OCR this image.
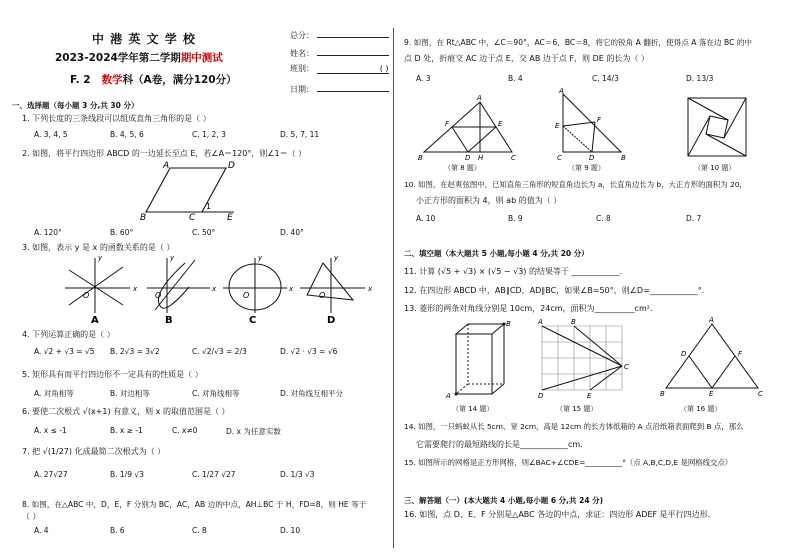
中 港 英 文 学 校
2023-2024学年第二学期期中测试
F. 2 数学科（A卷，满分120分）
总分：
姓名：
班别：	( )
日期：
一、选择题（每小题 3 分,共 30 分）
1. 下列长度的三条线段可以组成直角三角形的是（ ）
A. 3, 4, 5	B. 4, 5, 6	C. 1, 2, 3	D. 5, 7, 11
2. 如图，将平行四边形 ABCD 的一边延长至点 E，若∠A＝120°，则∠1＝（ ）
A	D
B	C	E
1
A. 120°	B. 60°	C. 50°	D. 40°
3. 如图，表示 y 是 x 的函数关系的是（ ）
O
x
y
A
O
x
y
B
O
x
y
C
O
x
y
D
4. 下列运算正确的是（ ）
A. √2 + √3 = √5 B. 2√3 = 3√2	C. √2/√3 = 2/3	D. √2 · √3 = √6
5. 矩形具有而平行四边形不一定具有的性质是（ ）
A. 对角相等	B. 对边相等	C. 对角线相等	D. 对角线互相平分
6. 要使二次根式 √(x+1) 有意义，则 x 的取值范围是（ ）
A. x ≤ -1	B. x ≥ -1	C. x≠0	D. x 为任意实数
7. 把 √(1/27) 化成最简二次根式为（ ）
A. 27√27	B. 1/9 √3	C. 1/27 √27	D. 1/3 √3
8. 如图，在△ABC 中，D，E，F 分别为 BC，AC，AB 边的中点，AH⊥BC 于 H，FD=8，则 HE 等于
（ ）
A. 4	B. 6	C. 8	D. 10
9. 如图，在 Rt△ABC 中，∠C＝90°，AC＝6，BC＝8，将它的锐角 A 翻折，使得点 A 落在边 BC 的中
点 D 处，折痕交 AC 边于点 E，交 AB 边于点 F，则 DE 的长为（ ）
A. 3	B. 4	C. 14/3	D. 13/3
A
F	E
B	D H	C
（第 8 题）
A
E
F
C	D	B
（第 9 题）	（第 10 题）
10. 如图，在赵爽弦图中，已知直角三角形的短直角边长为 a，长直角边长为 b，大正方形的面积为 20，
小正方形的面积为 4，则 ab 的值为（ ）
A. 10	B. 9	C. 8	D. 7
二、填空题（本大题共 5 小题,每小题 4 分,共 20 分）
11. 计算 (√5 + √3) × (√5 − √3) 的结果等于 ____________.
12. 在四边形 ABCD 中，AB∥CD，AD∥BC，如果∠B=50°，则∠D=____________°.
13. 菱形的两条对角线分别是 10cm，24cm，面积为__________cm².
B
A
（第 14 题）
A	B
C
D	E
（第 15 题）
A
D	F
B	E	C
（第 16 题）
14. 如图，一只蚂蚁从长 5cm、宽 2cm，高是 12cm 的长方体纸箱的 A 点沿纸箱表面爬到 B 点，那么
它需要爬行的最短路线的长是____________cm.
15. 如图所示的网格是正方形网格，则∠BAC+∠CDE=__________°（点 A,B,C,D,E 是网格线交点）
三、解答题（一）(本大题共 4 小题,每小题 6 分,共 24 分)
16. 如图，点 D、E、F 分别是△ABC 各边的中点，求证：四边形 ADEF 是平行四边形.
